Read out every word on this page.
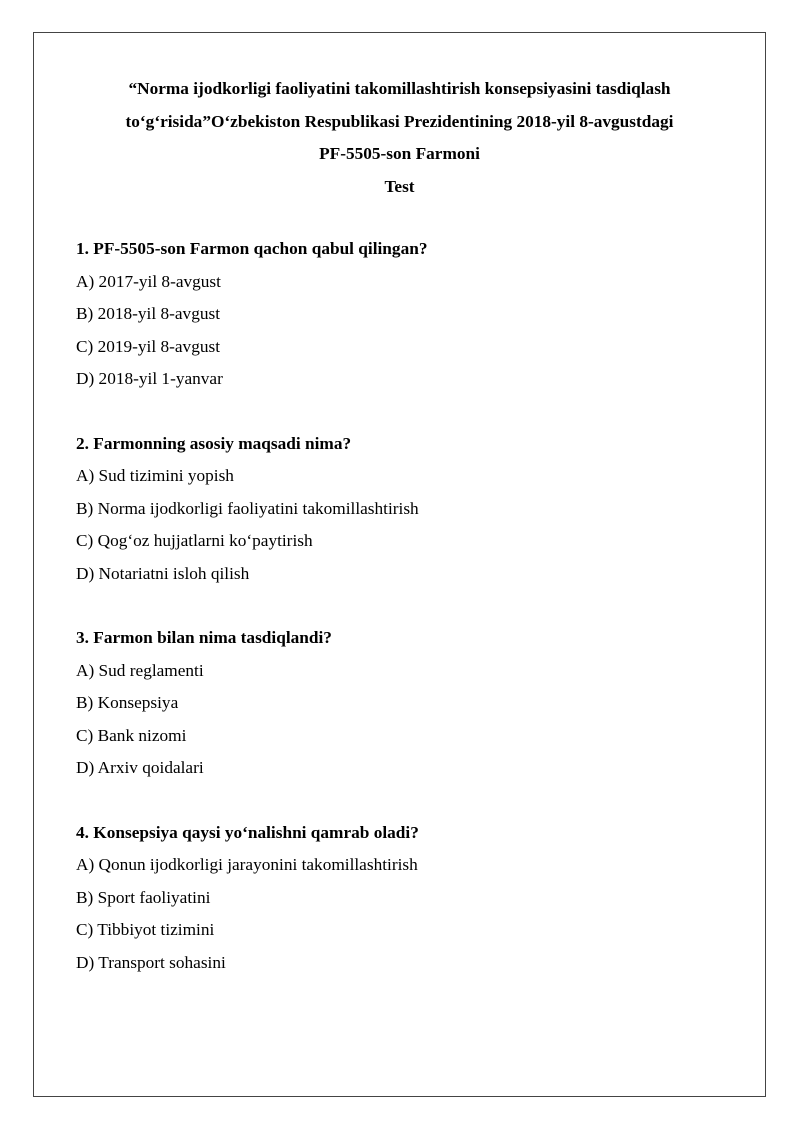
“Norma ijodkorligi faoliyatini takomillashtirish konsepsiyasini tasdiqlash
to‘g‘risida”O‘zbekiston Respublikasi Prezidentining 2018-yil 8-avgustdagi
PF-5505-son Farmoni
Test
1. PF-5505-son Farmon qachon qabul qilingan?
A) 2017-yil 8-avgust
B) 2018-yil 8-avgust
C) 2019-yil 8-avgust
D) 2018-yil 1-yanvar
2. Farmonning asosiy maqsadi nima?
A) Sud tizimini yopish
B) Norma ijodkorligi faoliyatini takomillashtirish
C) Qog‘oz hujjatlarni ko‘paytirish
D) Notariatni isloh qilish
3. Farmon bilan nima tasdiqlandi?
A) Sud reglamenti
B) Konsepsiya
C) Bank nizomi
D) Arxiv qoidalari
4. Konsepsiya qaysi yo‘nalishni qamrab oladi?
A) Qonun ijodkorligi jarayonini takomillashtirish
B) Sport faoliyatini
C) Tibbiyot tizimini
D) Transport sohasini
